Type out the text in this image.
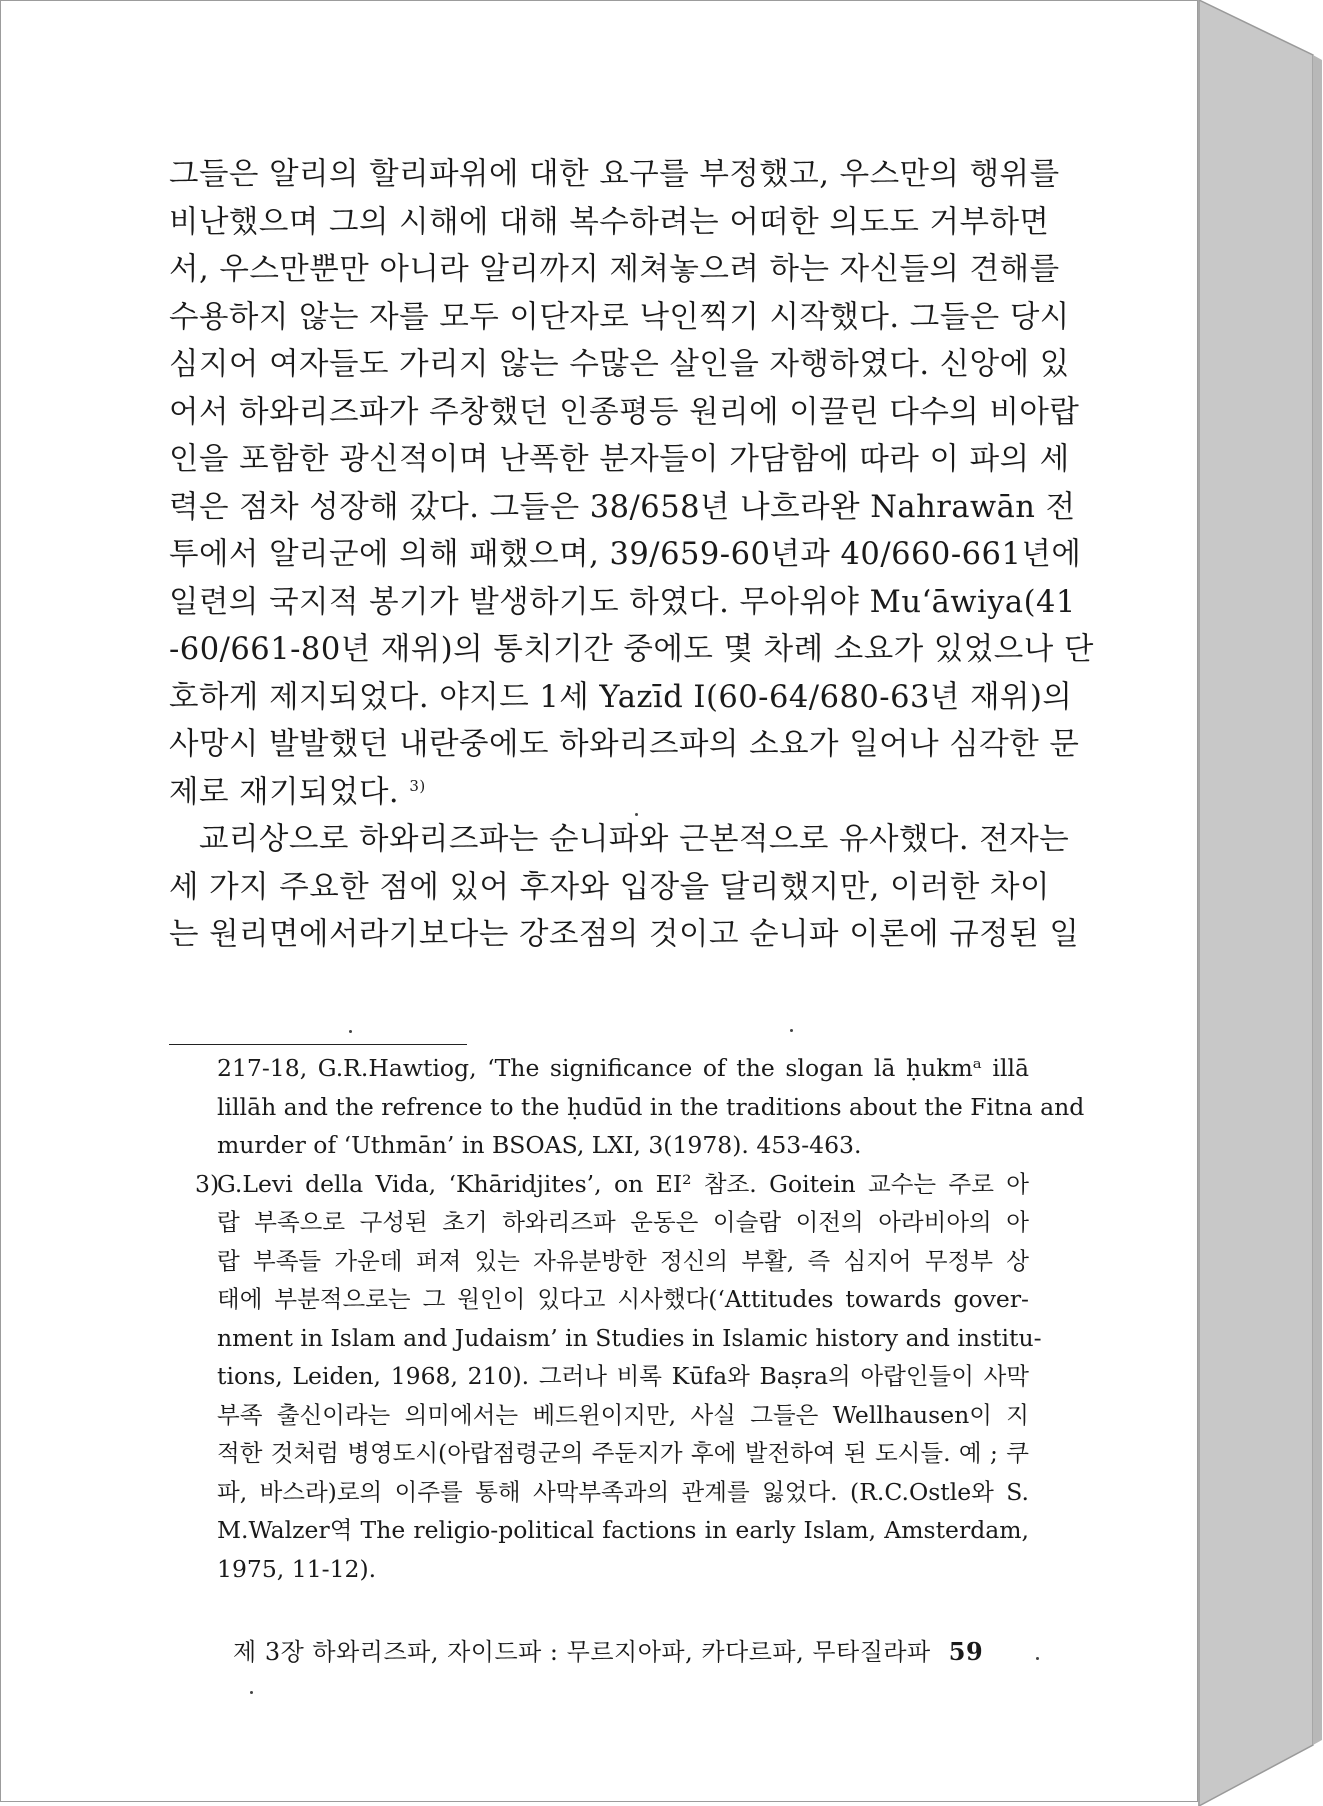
그들은 알리의 할리파위에 대한 요구를 부정했고, 우스만의 행위를
비난했으며 그의 시해에 대해 복수하려는 어떠한 의도도 거부하면
서, 우스만뿐만 아니라 알리까지 제쳐놓으려 하는 자신들의 견해를
수용하지 않는 자를 모두 이단자로 낙인찍기 시작했다. 그들은 당시
심지어 여자들도 가리지 않는 수많은 살인을 자행하였다. 신앙에 있
어서 하와리즈파가 주창했던 인종평등 원리에 이끌린 다수의 비아랍
인을 포함한 광신적이며 난폭한 분자들이 가담함에 따라 이 파의 세
력은 점차 성장해 갔다. 그들은 38/658년 나흐라완 Nahrawān 전
투에서 알리군에 의해 패했으며, 39/659-60년과 40/660-661년에
일련의 국지적 봉기가 발생하기도 하였다. 무아위야 Mu‘āwiya(41
-60/661-80년 재위)의 통치기간 중에도 몇 차례 소요가 있었으나 단
호하게 제지되었다. 야지드 1세 Yazīd Ⅰ(60-64/680-63년 재위)의
사망시 발발했던 내란중에도 하와리즈파의 소요가 일어나 심각한 문
제로 재기되었다. $^{3)}$
교리상으로 하와리즈파는 순니파와 근본적으로 유사했다. 전자는
세 가지 주요한 점에 있어 후자와 입장을 달리했지만, 이러한 차이
는 원리면에서라기보다는 강조점의 것이고 순니파 이론에 규정된 일
217-18, G.R.Hawtiog, ‘The significance of the slogan lā ḥukmᵃ illā
lillāh and the refrence to the ḥudūd in the traditions about the Fitna and
murder of ‘Uthmān’ in BSOAS, LXI, 3(1978). 453-463.
3)
G.Levi della Vida, ‘Khāridjites’, on EI² 참조. Goitein 교수는 주로 아
랍 부족으로 구성된 초기 하와리즈파 운동은 이슬람 이전의 아라비아의 아
랍 부족들 가운데 퍼져 있는 자유분방한 정신의 부활, 즉 심지어 무정부 상
태에 부분적으로는 그 원인이 있다고 시사했다(‘Attitudes towards gover-
nment in Islam and Judaism’ in Studies in Islamic history and institu-
tions, Leiden, 1968, 210). 그러나 비록 Kūfa와 Baṣra의 아랍인들이 사막
부족 출신이라는 의미에서는 베드윈이지만, 사실 그들은 Wellhausen이 지
적한 것처럼 병영도시(아랍점령군의 주둔지가 후에 발전하여 된 도시들. 예 ; 쿠
파, 바스라)로의 이주를 통해 사막부족과의 관계를 잃었다. (R.C.Ostle와 S.
M.Walzer역 The religio-political factions in early Islam, Amsterdam,
1975, 11-12).
제 3장 하와리즈파, 자이드파 : 무르지아파, 카다르파, 무타질라파 59
